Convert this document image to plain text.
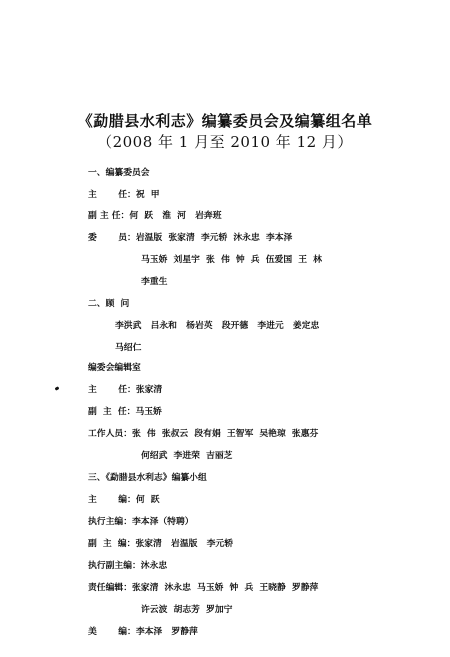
《勐腊县水利志》编纂委员会及编纂组名单
（2008 年 1 月至 2010 年 12 月）
一、编纂委员会
主       任：祝  甲
副 主 任：何  跃   淮  河   岩奔班
委       员：岩温版  张家清  李元轿  沐永忠  李本泽
马玉娇  刘星宇  张  伟  钟  兵  伍爱国  王  林
李重生
二、顾  问
李洪武   吕永和   杨岩英   段开德   李进元   姜定忠
马绍仁
编委会编辑室
主       任：张家清
副  主  任：马玉娇
工作人员：张  伟  张叔云  段有娟  王智军  吴艳琼  张惠芬
何绍武  李进荣  吉丽芝
三、《勐腊县水利志》编纂小组
主       编：何  跃
执行主编：李本泽（特聘）
副  主  编：张家清   岩温版   李元轿
执行副主编：沐永忠
责任编辑：张家清  沐永忠  马玉娇  钟  兵  王晓静  罗静萍
许云波  胡志芳  罗加宁
美       编：李本泽   罗静萍
